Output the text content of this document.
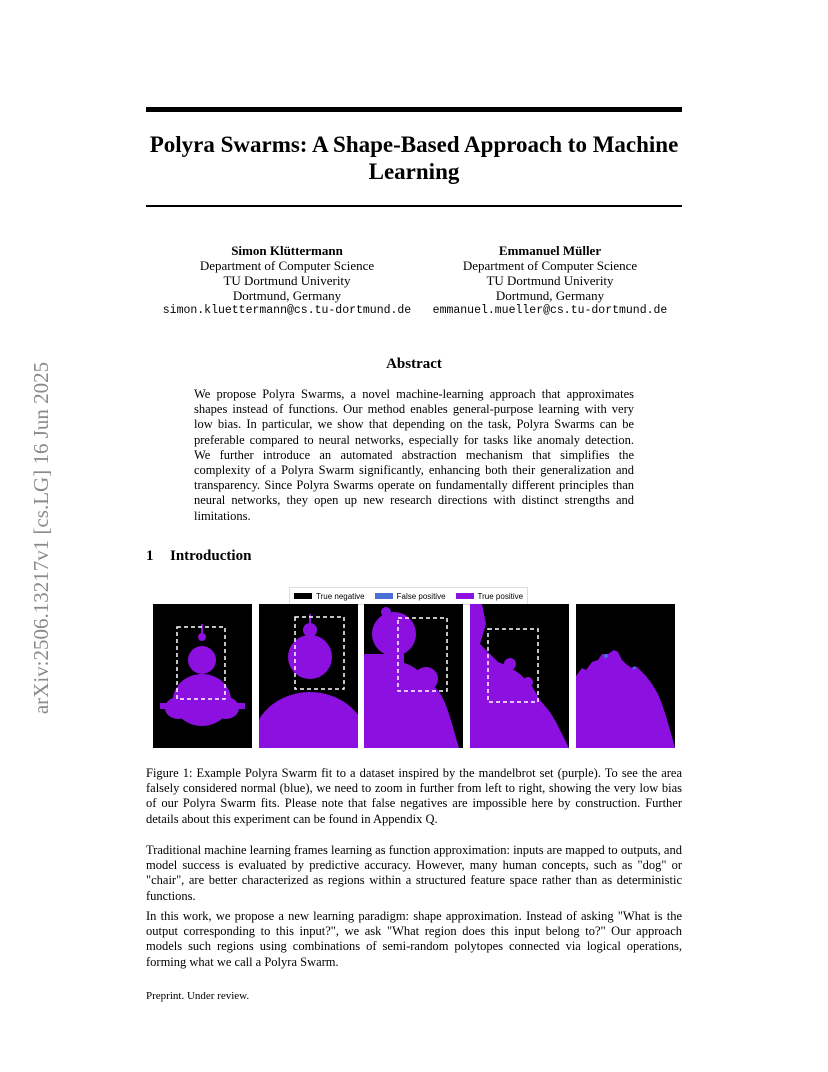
arXiv:2506.13217v1 [cs.LG] 16 Jun 2025
Polyra Swarms: A Shape-Based Approach to Machine Learning
Simon Klüttermann
Department of Computer Science
TU Dortmund Univerity
Dortmund, Germany
simon.kluettermann@cs.tu-dortmund.de
Emmanuel Müller
Department of Computer Science
TU Dortmund Univerity
Dortmund, Germany
emmanuel.mueller@cs.tu-dortmund.de
Abstract
We propose Polyra Swarms, a novel machine-learning approach that approximates shapes instead of functions. Our method enables general-purpose learning with very low bias. In particular, we show that depending on the task, Polyra Swarms can be preferable compared to neural networks, especially for tasks like anomaly detection. We further introduce an automated abstraction mechanism that simplifies the complexity of a Polyra Swarm significantly, enhancing both their generalization and transparency. Since Polyra Swarms operate on fundamentally different principles than neural networks, they open up new research directions with distinct strengths and limitations.
1 Introduction
True negative	False positive	True positive
Figure 1: Example Polyra Swarm fit to a dataset inspired by the mandelbrot set (purple). To see the area falsely considered normal (blue), we need to zoom in further from left to right, showing the very low bias of our Polyra Swarm fits. Please note that false negatives are impossible here by construction. Further details about this experiment can be found in Appendix Q.
Traditional machine learning frames learning as function approximation: inputs are mapped to outputs, and model success is evaluated by predictive accuracy. However, many human concepts, such as "dog" or "chair", are better characterized as regions within a structured feature space rather than as deterministic functions.
In this work, we propose a new learning paradigm: shape approximation. Instead of asking "What is the output corresponding to this input?", we ask "What region does this input belong to?" Our approach models such regions using combinations of semi-random polytopes connected via logical operations, forming what we call a Polyra Swarm.
Preprint. Under review.
